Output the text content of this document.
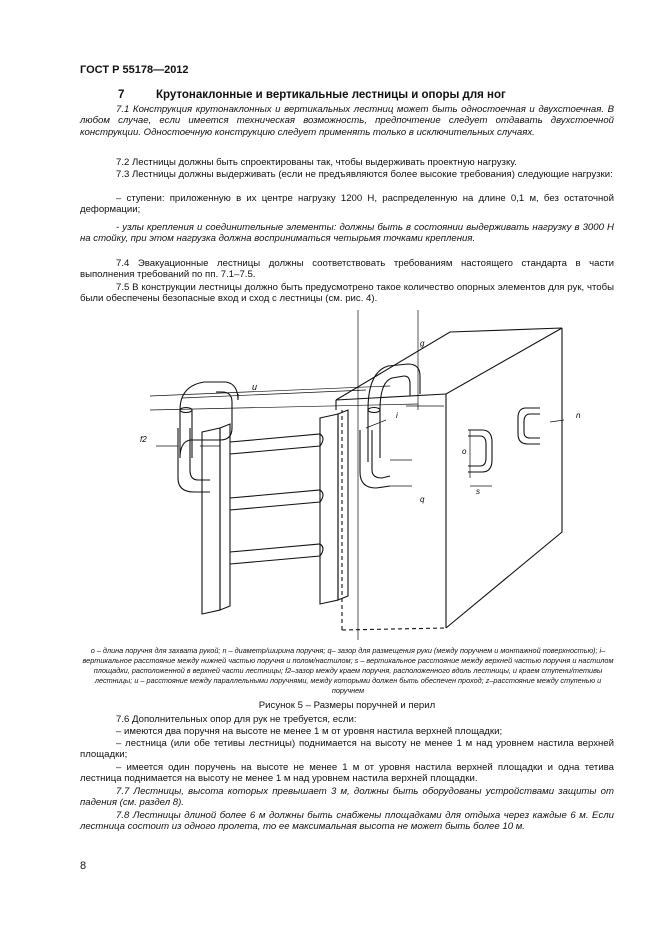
ГОСТ Р 55178—2012
7	Крутонаклонные и вертикальные лестницы и опоры для ног
7.1 Конструкция крутонаклонных и вертикальных лестниц может быть одностоечная и двухстоечная. В любом случае, если имеется техническая возможность, предпочтение следует отдавать двухстоечной конструкции. Одностоечную конструкцию следует применять только в исключительных случаях.
7.2 Лестницы должны быть спроектированы так, чтобы выдерживать проектную нагрузку.
7.3 Лестницы должны выдерживать (если не предъявляются более высокие требования) следующие нагрузки:
– ступени: приложенную в их центре нагрузку 1200 Н, распределенную на длине 0,1 м, без остаточной деформации;
- узлы крепления и соединительные элементы: должны быть в состоянии выдерживать нагрузку в 3000 Н на стойку, при этом нагрузка должна восприниматься четырьмя точками крепления.
7.4 Эвакуационные лестницы должны соответствовать требованиям настоящего стандарта в части выполнения требований по пп. 7.1–7.5.
7.5 В конструкции лестницы должно быть предусмотрено такое количество опорных элементов для рук, чтобы были обеспечены безопасные вход и сход с лестницы (см. рис. 4).
u
g
f2
i
q
o
n
s
o – длина поручня для захвата рукой; n – диаметр/ширина поручня; q– зазор для размещения руки (между поручнем и монтажной поверхностью); i–вертикальное расстояние между нижней частью поручня и полом/настилом; s – вертикальное расстояние между верхней частью поручня и настилом площадки, расположенной в верхней части лестницы; f2–зазор между краем поручня, расположенного вдоль лестницы, и краем ступени/тетивы лестницы; u – расстояние между параллельными поручнями, между которыми должен быть обеспечен проход; z–расстояние между ступенью и поручнем
Рисунок 5 – Размеры поручней и перил
7.6 Дополнительных опор для рук не требуется, если:
– имеются два поручня на высоте не менее 1 м от уровня настила верхней площадки;
– лестница (или обе тетивы лестницы) поднимается на высоту не менее 1 м над уровнем настила верхней площадки;
– имеется один поручень на высоте не менее 1 м от уровня настила верхней площадки и одна тетива лестница поднимается на высоту не менее 1 м над уровнем настила верхней площадки.
7.7 Лестницы, высота которых превышает 3 м, должны быть оборудованы устройствами защиты от падения (см. раздел 8).
7.8 Лестницы длиной более 6 м должны быть снабжены площадками для отдыха через каждые 6 м. Если лестница состоит из одного пролета, то ее максимальная высота не может быть более 10 м.
8
